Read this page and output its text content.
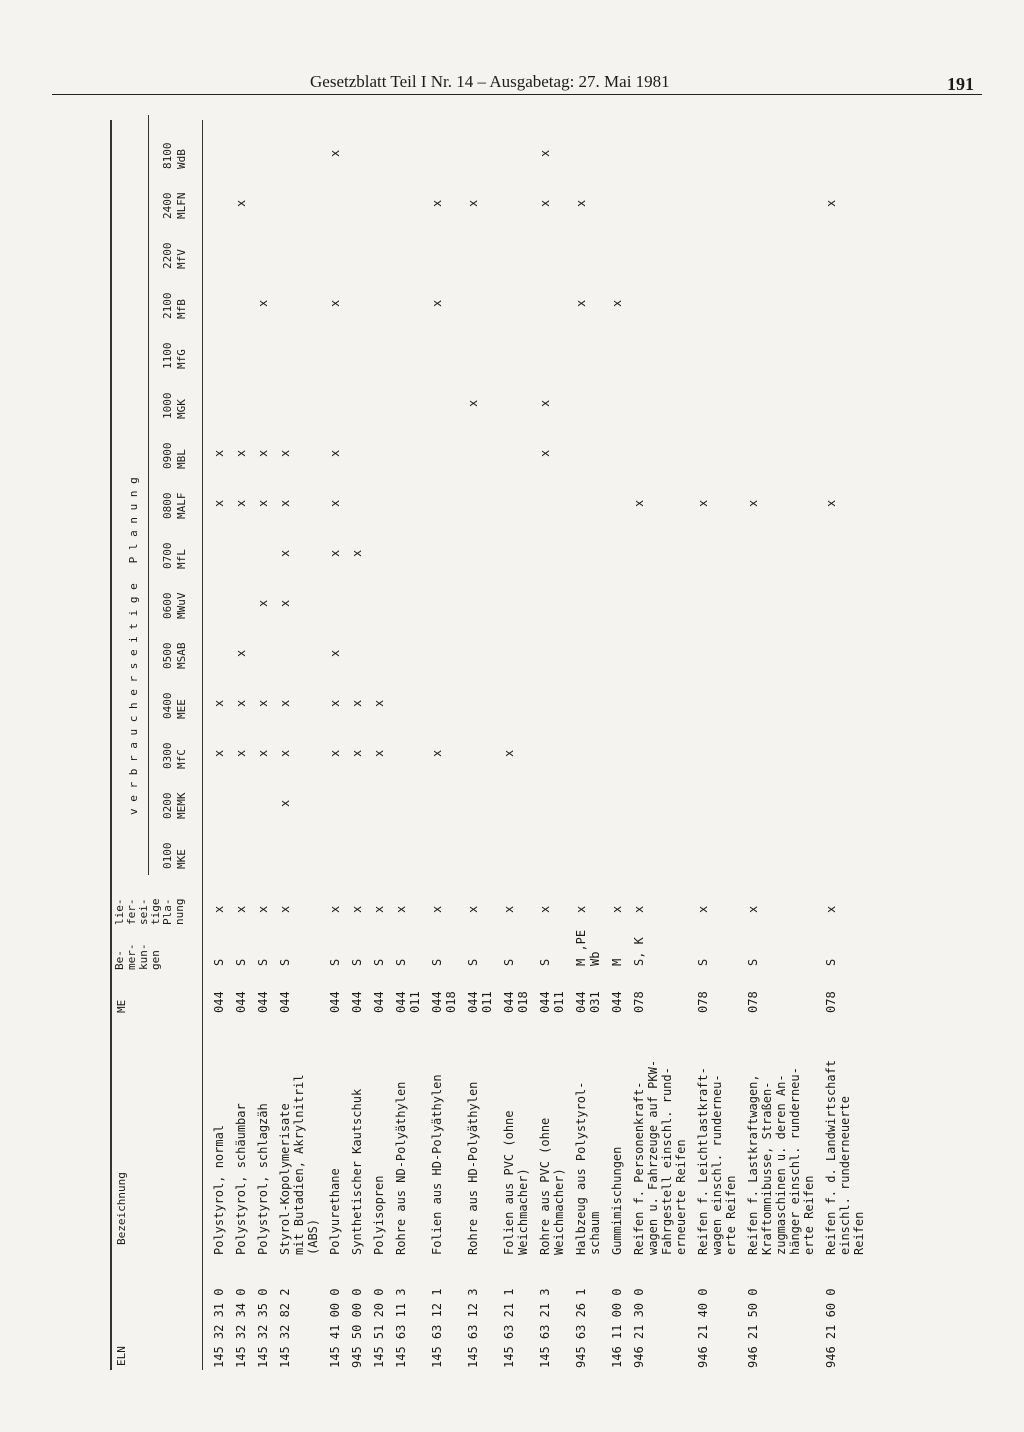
Gesetzblatt Teil I Nr. 14 – Ausgabetag: 27. Mai 1981	191
ELN
Bezeichnung
ME
Be-
mer-
kun-
gen
lie-
fer-
sei-
tige
Pla-
nung
v e r b r a u c h e r s e i t i g e   P l a n u n g
0100 MKE
0200 MEMK
0300 MfC
0400 MEE
0500 MSAB
0600 MWuV
0700 MfL
0800 MALF
0900 MBL
1000 MGK
1100 MfG
2100 MfB
2200 MfV
2400 MLFN
8100 WdB
145 32 31 0
Polystyrol, normal
044
S
x
x
x
x
x
145 32 34 0
Polystyrol, schäumbar
044
S
x
x
x
x
x
x
x
145 32 35 0
Polystyrol, schlagzäh
044
S
x
x
x
x
x
x
x
145 32 82 2
Styrol-Kopolymerisate
mit Butadien, Akrylnitril
(ABS)
044
S
x
x
x
x
x
x
x
x
145 41 00 0
Polyurethane
044
S
x
x
x
x
x
x
x
x
x
945 50 00 0
Synthetischer Kautschuk
044
S
x
x
x
x
145 51 20 0
Polyisopren
044
S
x
x
x
145 63 11 3
Rohre aus ND-Polyäthylen
044
011
S
x
145 63 12 1
Folien aus HD-Polyäthylen
044
018
S
x
x
x
x
145 63 12 3
Rohre aus HD-Polyäthylen
044
011
S
x
x
x
145 63 21 1
Folien aus PVC (ohne
Weichmacher)
044
018
S
x
x
145 63 21 3
Rohre aus PVC (ohne
Weichmacher)
044
011
S
x
x
x
x
x
945 63 26 1
Halbzeug aus Polystyrol-
schaum
044
031
M ,PE
Wb
x
x
x
146 11 00 0
Gummimischungen
044
M
x
x
946 21 30 0
Reifen f. Personenkraft-
wagen u. Fahrzeuge auf PKW-
Fahrgestell einschl. rund-
erneuerte Reifen
078
S, K
x
x
946 21 40 0
Reifen f. Leichtlastkraft-
wagen einschl. runderneu-
erte Reifen
078
S
x
x
946 21 50 0
Reifen f. Lastkraftwagen,
Kraftomnibusse, Straßen-
zugmaschinen u. deren An-
hänger einschl. runderneu-
erte Reifen
078
S
x
x
946 21 60 0
Reifen f. d. Landwirtschaft
einschl. runderneuerte
Reifen
078
S
x
x
x
